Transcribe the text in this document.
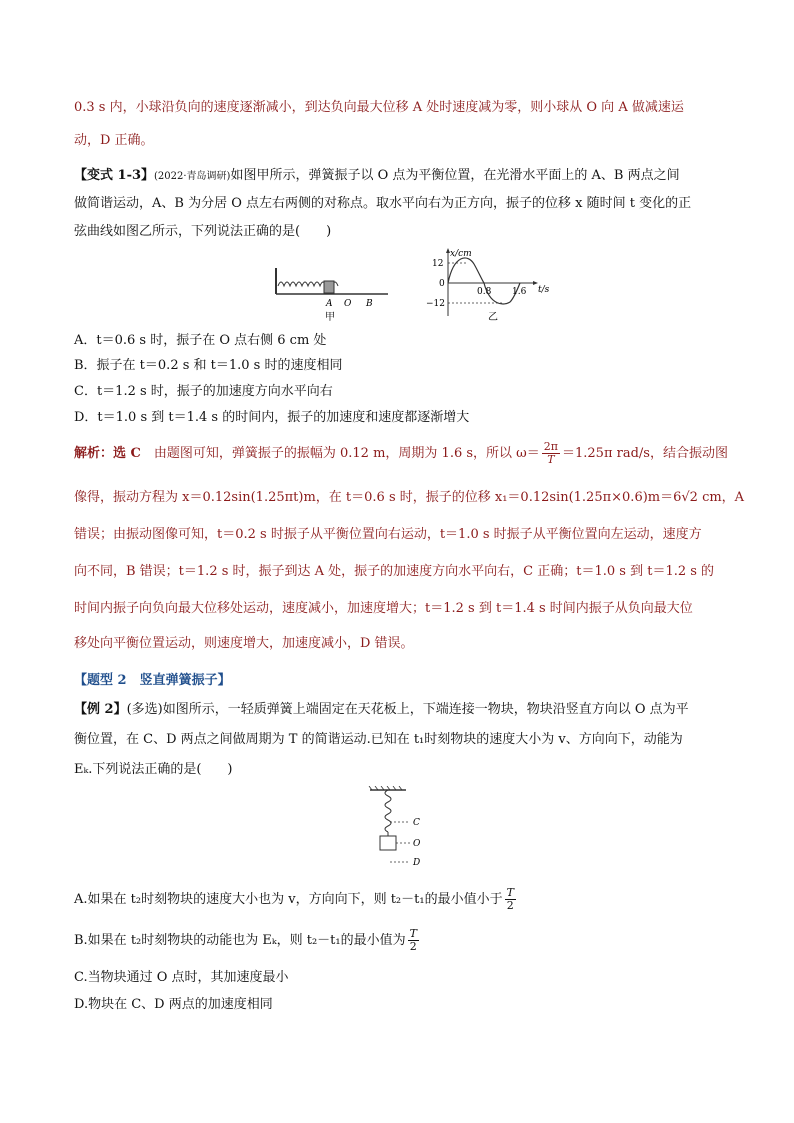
0.3 s 内，小球沿负向的速度逐渐减小，到达负向最大位移 A 处时速度减为零，则小球从 O 向 A 做减速运
动，D 正确。
【变式 1-3】(2022·青岛调研)如图甲所示，弹簧振子以 O 点为平衡位置，在光滑水平面上的 A、B 两点之间
做简谐运动，A、B 为分居 O 点左右两侧的对称点。取水平向右为正方向，振子的位移 x 随时间 t 变化的正
弦曲线如图乙所示，下列说法正确的是(　　)
A O B
甲
x/cm
t/s
12
0
−12
0.8 1.6
乙
A．t＝0.6 s 时，振子在 O 点右侧 6 cm 处
B．振子在 t＝0.2 s 和 t＝1.0 s 时的速度相同
C．t＝1.2 s 时，振子的加速度方向水平向右
D．t＝1.0 s 到 t＝1.4 s 的时间内，振子的加速度和速度都逐渐增大
解析：选 C　由题图可知，弹簧振子的振幅为 0.12 m，周期为 1.6 s，所以 $\omega= \frac{2\pi}{T} =1.25\pi$ rad/s，结合振动图
像得，振动方程为 x＝0.12sin(1.25πt)m，在 t＝0.6 s 时，振子的位移 x₁＝0.12sin(1.25π×0.6)m＝6√2 cm，A
错误；由振动图像可知，t＝0.2 s 时振子从平衡位置向右运动，t＝1.0 s 时振子从平衡位置向左运动，速度方
向不同，B 错误；t＝1.2 s 时，振子到达 A 处，振子的加速度方向水平向右，C 正确；t＝1.0 s 到 t＝1.2 s 的
时间内振子向负向最大位移处运动，速度减小，加速度增大；t＝1.2 s 到 t＝1.4 s 时间内振子从负向最大位
移处向平衡位置运动，则速度增大，加速度减小，D 错误。
【题型 2　竖直弹簧振子】
【例 2】(多选)如图所示，一轻质弹簧上端固定在天花板上，下端连接一物块，物块沿竖直方向以 O 点为平
衡位置，在 C、D 两点之间做周期为 T 的简谐运动.已知在 t₁时刻物块的速度大小为 v、方向向下，动能为
Eₖ.下列说法正确的是(　　)
C
O
D
A.如果在 t₂时刻物块的速度大小也为 v，方向向下，则 t₂－t₁的最小值小于 $\frac{T}{2}$
B.如果在 t₂时刻物块的动能也为 Eₖ，则 t₂－t₁的最小值为 $\frac{T}{2}$
C.当物块通过 O 点时，其加速度最小
D.物块在 C、D 两点的加速度相同
